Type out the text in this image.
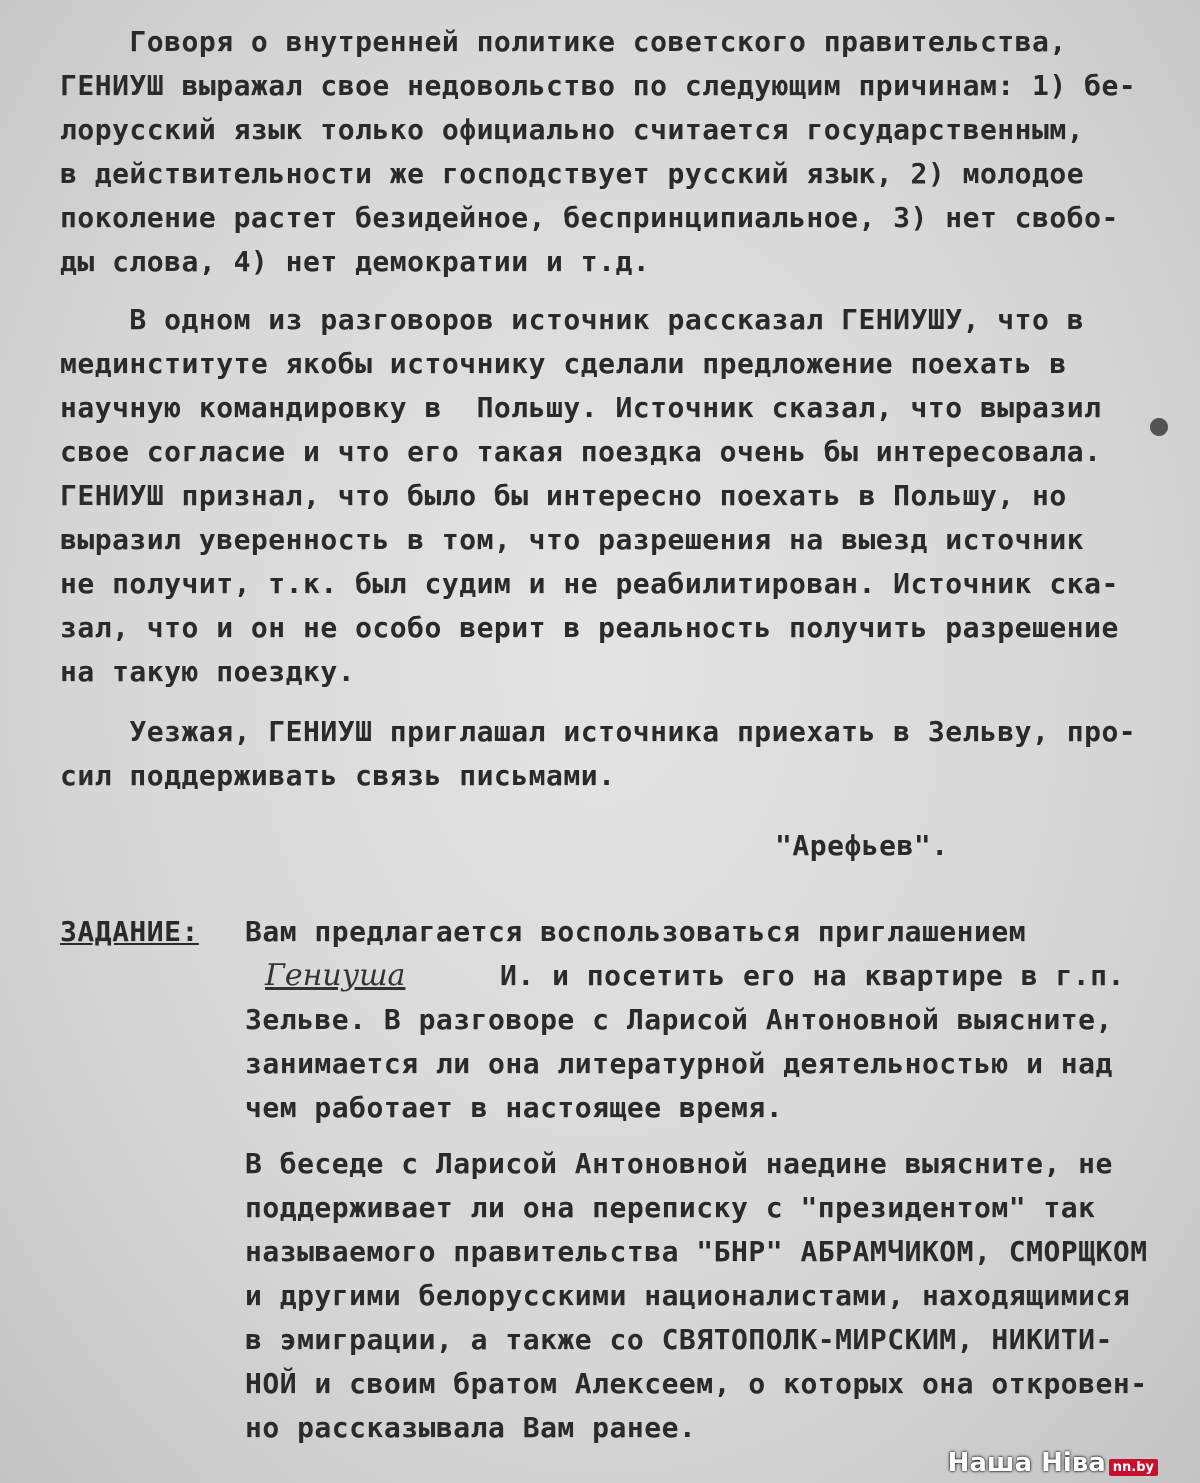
Говоря о внутренней политике советского правительства,
ГЕНИУШ выражал свое недовольство по следующим причинам: 1) бе-
лорусский язык только официально считается государственным,
в действительности же господствует русский язык, 2) молодое
поколение растет безидейное, беспринципиальное, 3) нет свобо-
ды слова, 4) нет демократии и т.д.
В одном из разговоров источник рассказал ГЕНИУШУ, что в
мединституте якобы источнику сделали предложение поехать в
научную командировку в  Польшу. Источник сказал, что выразил
свое согласие и что его такая поездка очень бы интересовала.
ГЕНИУШ признал, что было бы интересно поехать в Польшу, но
выразил уверенность в том, что разрешения на выезд источник
не получит, т.к. был судим и не реабилитирован. Источник ска-
зал, что и он не особо верит в реальность получить разрешение
на такую поездку.
Уезжая, ГЕНИУШ приглашал источника приехать в Зельву, про-
сил поддерживать связь письмами.
"Арефьев".
ЗАДАНИЕ: Вам предлагается воспользоваться приглашением
Гениуша	И. и посетить его на квартире в г.п.
Зельве. В разговоре с Ларисой Антоновной выясните,
занимается ли она литературной деятельностью и над
чем работает в настоящее время.
В беседе с Ларисой Антоновной наедине выясните, не
поддерживает ли она переписку с "президентом" так
называемого правительства "БНР" АБРАМЧИКОМ, СМОРЩКОМ
и другими белорусскими националистами, находящимися
в эмиграции, а также со СВЯТОПОЛК-МИРСКИМ, НИКИТИ-
НОЙ и своим братом Алексеем, о которых она откровен-
но рассказывала Вам ранее.
Наша Ніва nn.by
